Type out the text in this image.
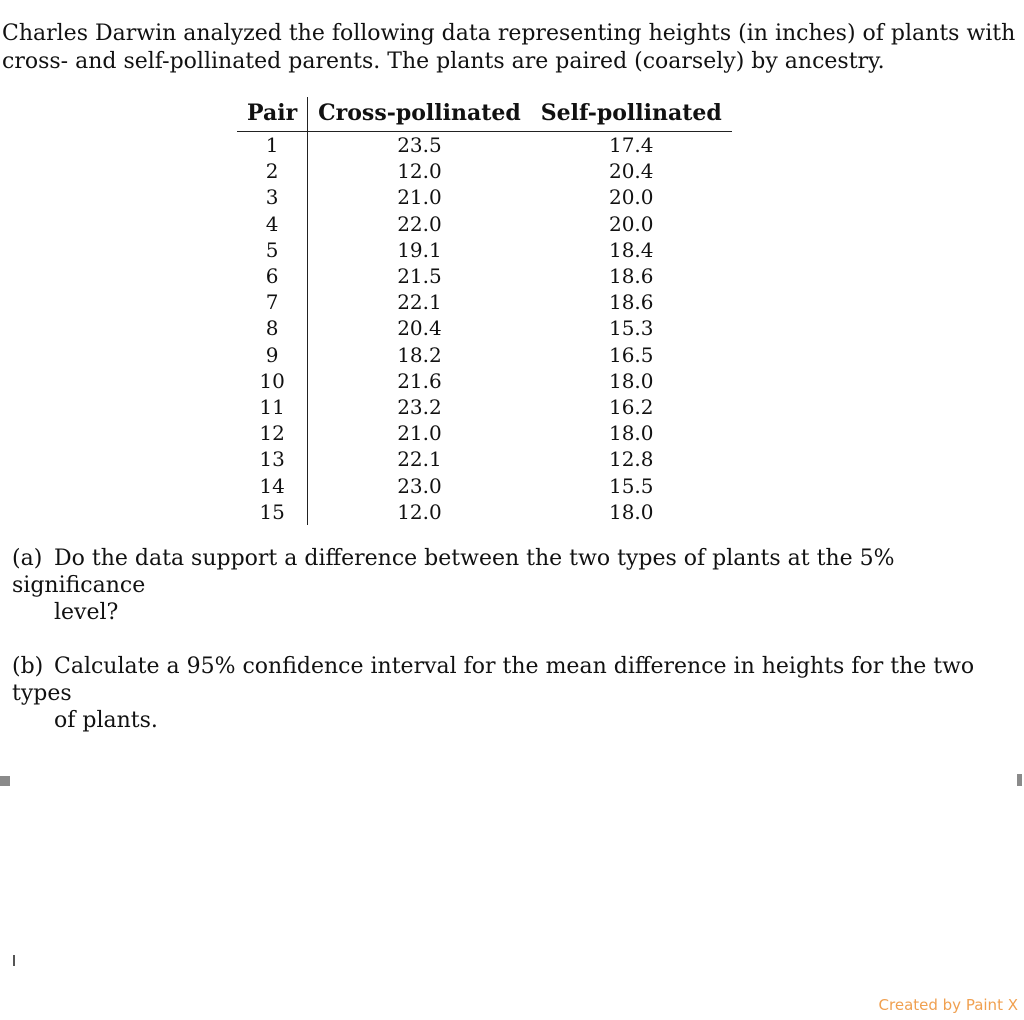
Charles Darwin analyzed the following data representing heights (in inches) of plants with
cross- and self-pollinated parents. The plants are paired (coarsely) by ancestry.
Pair	Cross-pollinated	Self-pollinated
1	23.5	17.4
2	12.0	20.4
3	21.0	20.0
4	22.0	20.0
5	19.1	18.4
6	21.5	18.6
7	22.1	18.6
8	20.4	15.3
9	18.2	16.5
10	21.6	18.0
11	23.2	16.2
12	21.0	18.0
13	22.1	12.8
14	23.0	15.5
15	12.0	18.0
(a) Do the data support a difference between the two types of plants at the 5% significance
level?
(b) Calculate a 95% confidence interval for the mean difference in heights for the two types
of plants.
Created by Paint X
